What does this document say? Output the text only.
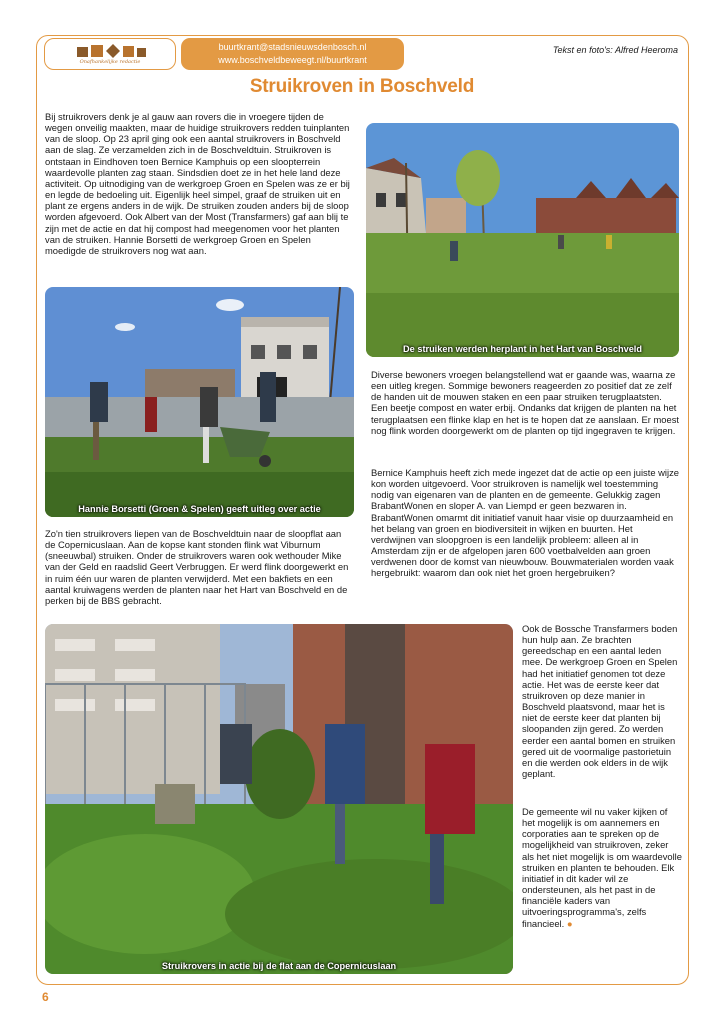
Onafhankelijke redactie
buurtkrant@stadsnieuwsdenbosch.nl
www.boschveldbeweegt.nl/buurtkrant
Tekst en foto's: Alfred Heeroma
Struikroven in Boschveld

Bij struikrovers denk je al gauw aan rovers die in vroegere tijden de wegen onveilig maakten, maar de huidige struikrovers redden tuinplanten van de sloop. Op 23 april ging ook een aantal struikrovers in Boschveld aan de slag. Ze verzamelden zich in de Boschveldtuin. Struikroven is ontstaan in Eindhoven toen Bernice Kamphuis op een sloopterrein waardevolle planten zag staan. Sindsdien doet ze in het hele land deze activiteit. Op uitnodiging van de werkgroep Groen en Spelen was ze er bij en legde de bedoeling uit. Eigenlijk heel simpel, graaf de struiken uit en plant ze ergens anders in de wijk. De struiken zouden anders bij de sloop worden afgevoerd. Ook Albert van der Most (Transfarmers) gaf aan blij te zijn met de actie en dat hij compost had meegenomen voor het planten van de struiken. Hannie Borsetti de werkgroep Groen en Spelen moedigde de struikrovers nog wat aan.

Hannie Borsetti (Groen & Spelen) geeft uitleg over actie

Zo'n tien struikrovers liepen van de Boschveldtuin naar de sloopflat aan de Copernicuslaan. Aan de kopse kant stonden flink wat Viburnum (sneeuwbal) struiken. Onder de struikrovers waren ook wethouder Mike van der Geld en raadslid Geert Verbruggen. Er werd flink doorgewerkt en in ruim één uur waren de planten verwijderd. Met een bakfiets en een aantal kruiwagens werden de planten naar het Hart van Boschveld en de perken bij de BBS gebracht.

De struiken werden herplant in het Hart van Boschveld

Diverse bewoners vroegen belangstellend wat er gaande was, waarna ze een uitleg kregen. Sommige bewoners reageerden zo positief dat ze zelf de handen uit de mouwen staken en een paar struiken terugplaatsten. Een beetje compost en water erbij. Ondanks dat krijgen de planten na het terugplaatsen een flinke klap en het is te hopen dat ze aanslaan. Er moest nog flink worden doorgewerkt om de planten op tijd ingegraven te krijgen.

Bernice Kamphuis heeft zich mede ingezet dat de actie op een juiste wijze kon worden uitgevoerd. Voor struikroven is namelijk wel toestemming nodig van eigenaren van de planten en de gemeente. Gelukkig zagen BrabantWonen en sloper A. van Liempd er geen bezwaren in. BrabantWonen omarmt dit initiatief vanuit haar visie op duurzaamheid en het belang van groen en biodiversiteit in wijken en buurten. Het verdwijnen van sloopgroen is een landelijk probleem: alleen al in Amsterdam zijn er de afgelopen jaren 600 voetbalvelden aan groen verdwenen door de komst van nieuwbouw. Bouwmaterialen worden vaak hergebruikt: waarom dan ook niet het groen hergebruiken?

Struikrovers in actie bij de flat aan de Copernicuslaan

Ook de Bossche Transfarmers boden hun hulp aan. Ze brachten gereedschap en een aantal leden mee. De werkgroep Groen en Spelen had het initiatief genomen tot deze actie. Het was de eerste keer dat struikroven op deze manier in Boschveld plaatsvond, maar het is niet de eerste keer dat planten bij sloopanden zijn gered. Zo werden eerder een aantal bomen en struiken gered uit de voormalige pastorietuin en die werden ook elders in de wijk geplant.

De gemeente wil nu vaker kijken of het mogelijk is om aannemers en corporaties aan te spreken op de mogelijkheid van struikroven, zeker als het niet mogelijk is om waardevolle struiken en planten te behouden. Elk initiatief in dit kader wil ze ondersteunen, als het past in de financiële kaders van uitvoeringsprogramma's, zelfs financieel. ●

6
